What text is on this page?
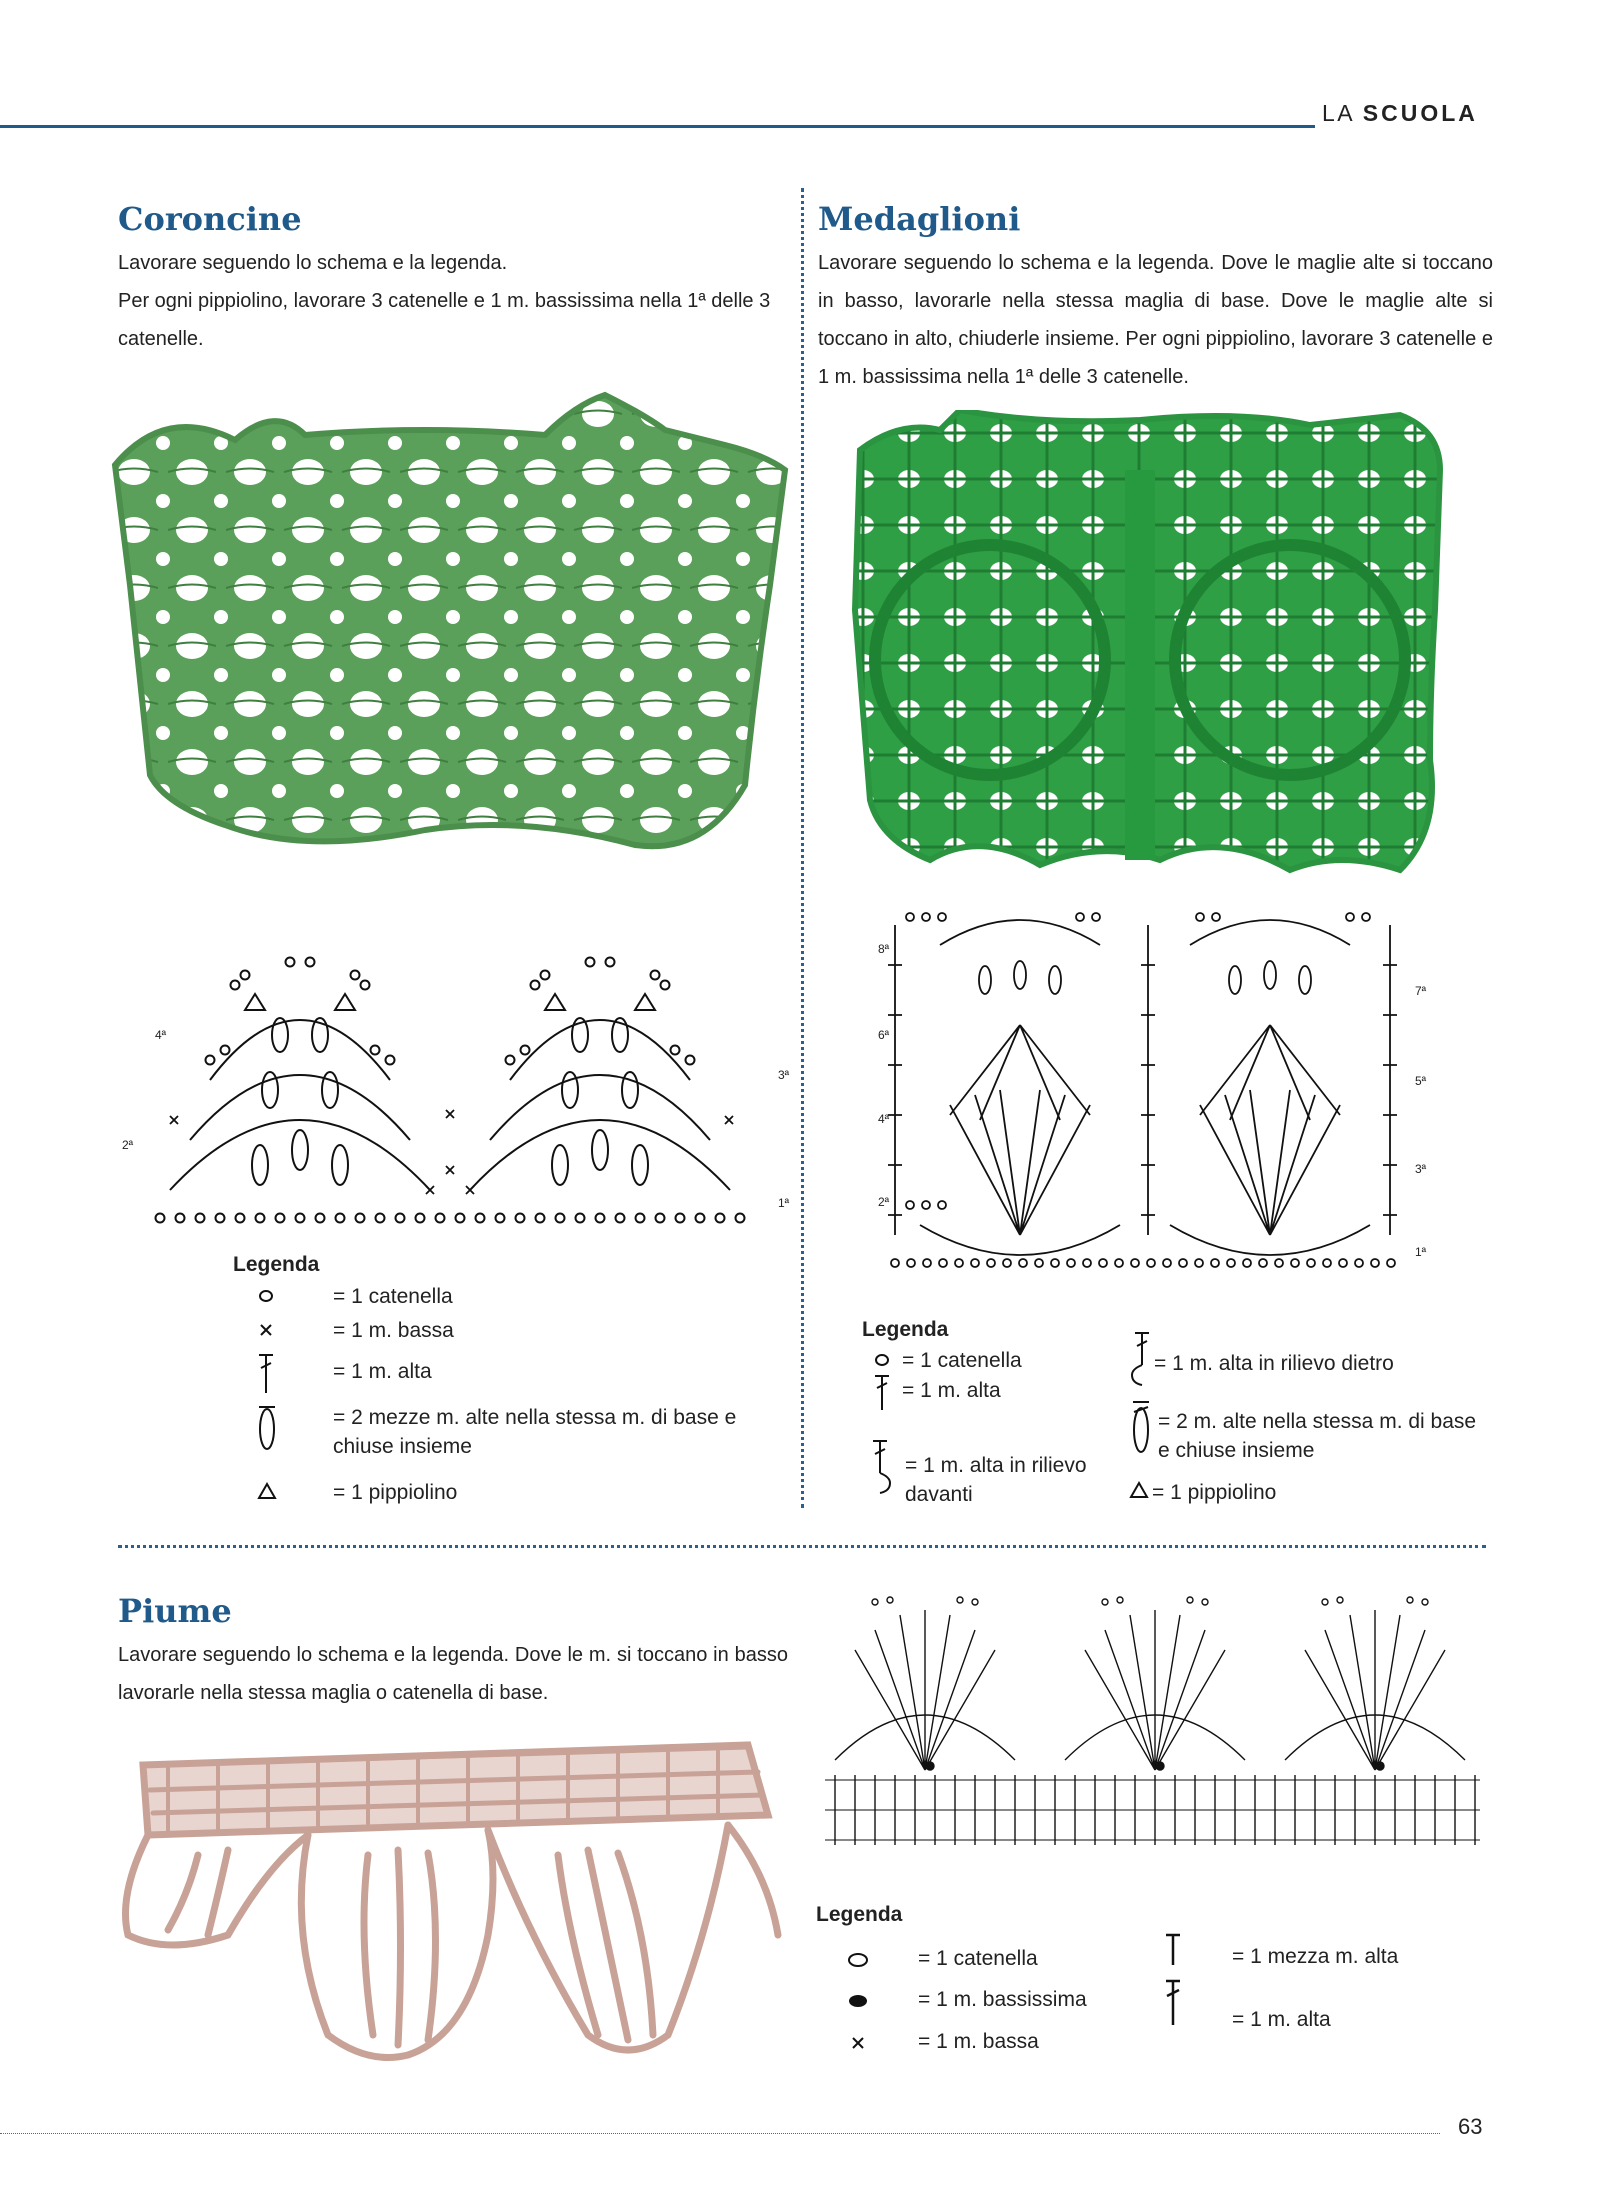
LA SCUOLA
Coroncine

Lavorare seguendo lo schema e la legenda.

Per ogni pippiolino, lavorare 3 catenelle e 1 m. bassissima nella 1ª delle 3 catenelle.

4ª
3ª
2ª
1ª
Legenda
= 1 catenella
= 1 m. bassa
= 1 m. alta
= 2 mezze m. alte nella stessa m. di base e chiuse insieme
= 1 pippiolino
Medaglioni
Lavorare seguendo lo schema e la legenda. Dove le maglie alte si toccano in basso, lavorarle nella stessa maglia di base. Dove le maglie alte si toccano in alto, chiuderle insieme. Per ogni pippiolino, lavorare 3 catenelle e 1 m. bassissima nella 1ª delle 3 catenelle.
8ª
6ª
4ª
2ª
7ª
5ª
3ª
1ª
Legenda
= 1 catenella
= 1 m. alta
= 1 m. alta in rilievo davanti
= 1 m. alta in rilievo dietro
= 2 m. alte nella stessa m. di base e chiuse insieme
= 1 pippiolino
Piume
Lavorare seguendo lo schema e la legenda. Dove le m. si toccano in basso lavorarle nella stessa maglia o catenella di base.
Legenda
= 1 catenella
= 1 m. bassissima
= 1 m. bassa
= 1 mezza m. alta
= 1 m. alta
63
